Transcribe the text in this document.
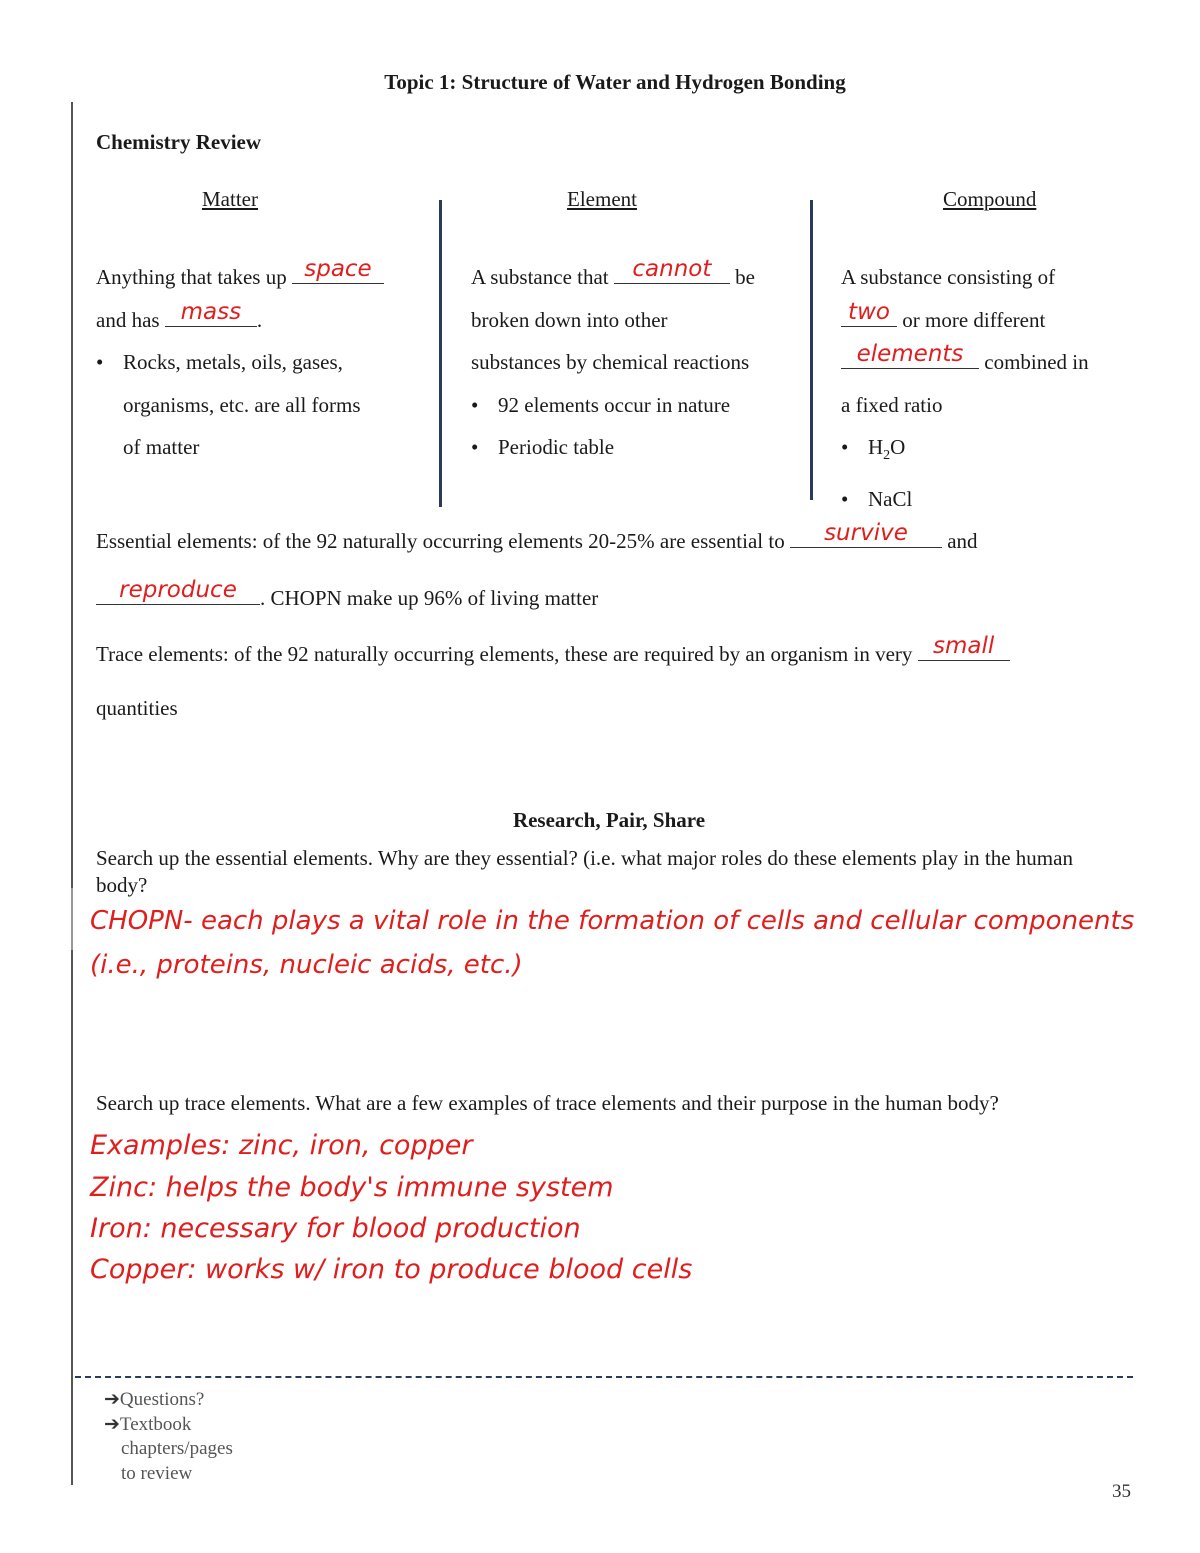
Topic 1: Structure of Water and Hydrogen Bonding
Chemistry Review
Matter

Anything that takes up space

and has mass .

• Rocks, metals, oils, gases,
organisms, etc. are all forms
of matter
Element

A substance that	cannot	be

broken down into other

substances by chemical reactions

• 92 elements occur in nature
• Periodic table
Compound

A substance consisting of

two or more different

elements combined in

a fixed ratio

• $H_2O$
• NaCl
Essential elements: of the 92 naturally occurring elements 20-25% are essential to	survive	and
reproduce	. CHOPN make up 96% of living matter
Trace elements: of the 92 naturally occurring elements, these are required by an organism in very small
quantities
Research, Pair, Share
Search up the essential elements. Why are they essential? (i.e. what major roles do these elements play in the human body?
CHOPN- each plays a vital role in the formation of cells and cellular components
(i.e., proteins, nucleic acids, etc.)
Search up trace elements. What are a few examples of trace elements and their purpose in the human body?
Examples: zinc, iron, copper
Zinc: helps the body's immune system
Iron: necessary for blood production
Copper: works w/ iron to produce blood cells
➔Questions?
➔Textbook
chapters/pages
to review
35
